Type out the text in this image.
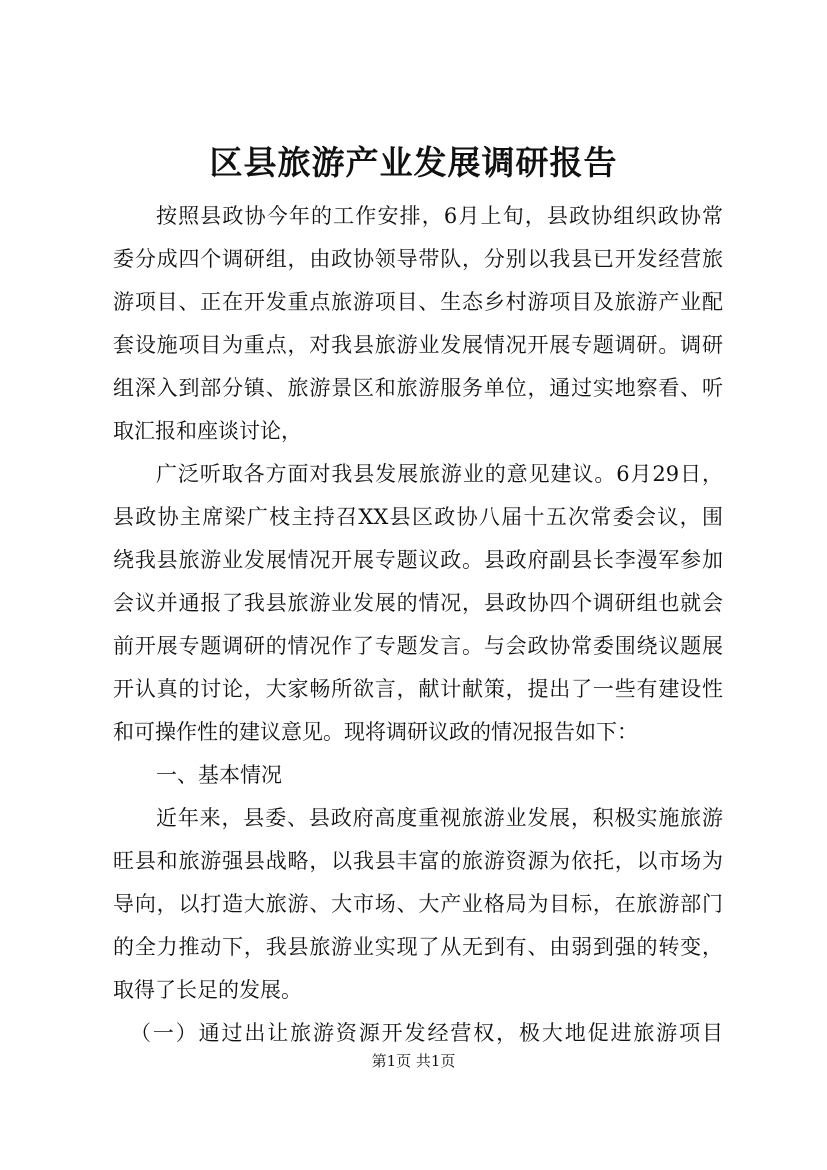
区县旅游产业发展调研报告
按照县政协今年的工作安排，6月上旬，县政协组织政协常
委分成四个调研组，由政协领导带队，分别以我县已开发经营旅
游项目、正在开发重点旅游项目、生态乡村游项目及旅游产业配
套设施项目为重点，对我县旅游业发展情况开展专题调研。调研
组深入到部分镇、旅游景区和旅游服务单位，通过实地察看、听
取汇报和座谈讨论，
广泛听取各方面对我县发展旅游业的意见建议。6月29日，
县政协主席梁广枝主持召XX县区政协八届十五次常委会议，围
绕我县旅游业发展情况开展专题议政。县政府副县长李漫军参加
会议并通报了我县旅游业发展的情况，县政协四个调研组也就会
前开展专题调研的情况作了专题发言。与会政协常委围绕议题展
开认真的讨论，大家畅所欲言，献计献策，提出了一些有建设性
和可操作性的建议意见。现将调研议政的情况报告如下：
一、基本情况
近年来，县委、县政府高度重视旅游业发展，积极实施旅游
旺县和旅游强县战略，以我县丰富的旅游资源为依托，以市场为
导向，以打造大旅游、大市场、大产业格局为目标，在旅游部门
的全力推动下，我县旅游业实现了从无到有、由弱到强的转变，
取得了长足的发展。
（一）通过出让旅游资源开发经营权，极大地促进旅游项目
第1页 共1页
